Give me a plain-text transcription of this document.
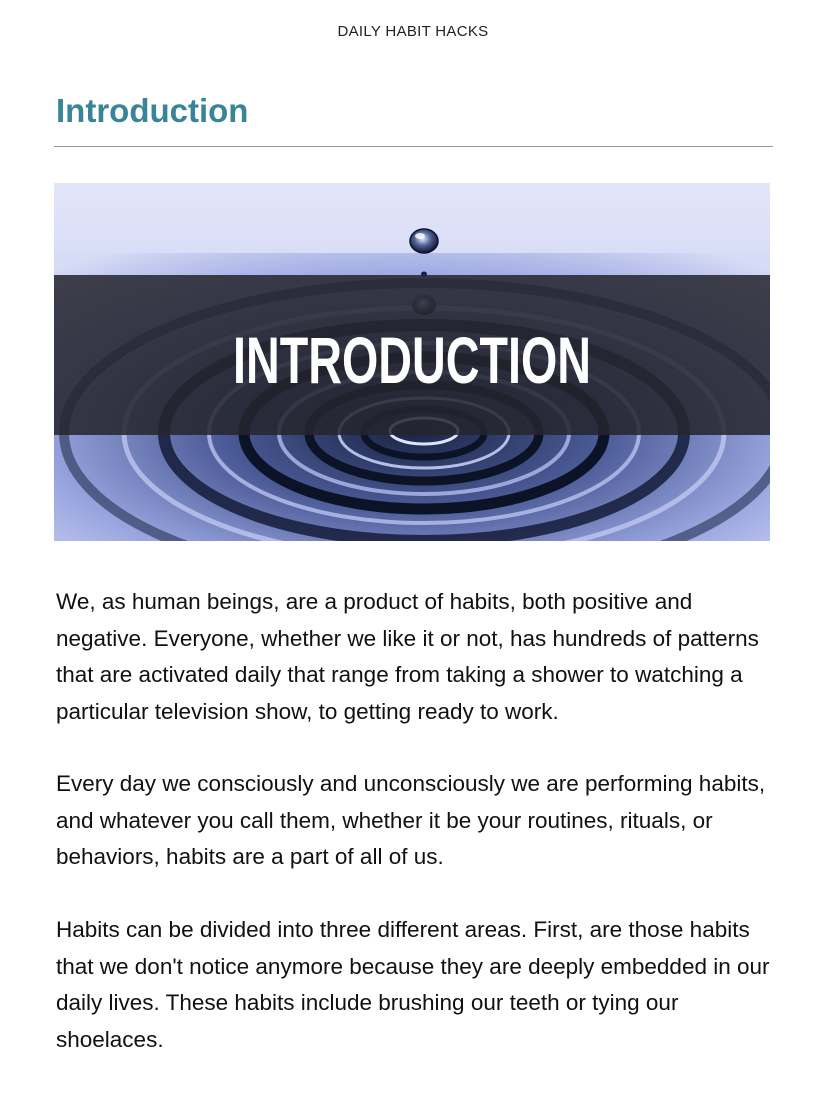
DAILY HABIT HACKS
Introduction
INTRODUCTION

We, as human beings, are a product of habits, both positive and negative. Everyone, whether we like it or not, has hundreds of patterns that are activated daily that range from taking a shower to watching a particular television show, to getting ready to work.

Every day we consciously and unconsciously we are performing habits, and whatever you call them, whether it be your routines, rituals, or behaviors, habits are a part of all of us.

Habits can be divided into three different areas. First, are those habits that we don't notice anymore because they are deeply embedded in our daily lives. These habits include brushing our teeth or tying our shoelaces.
